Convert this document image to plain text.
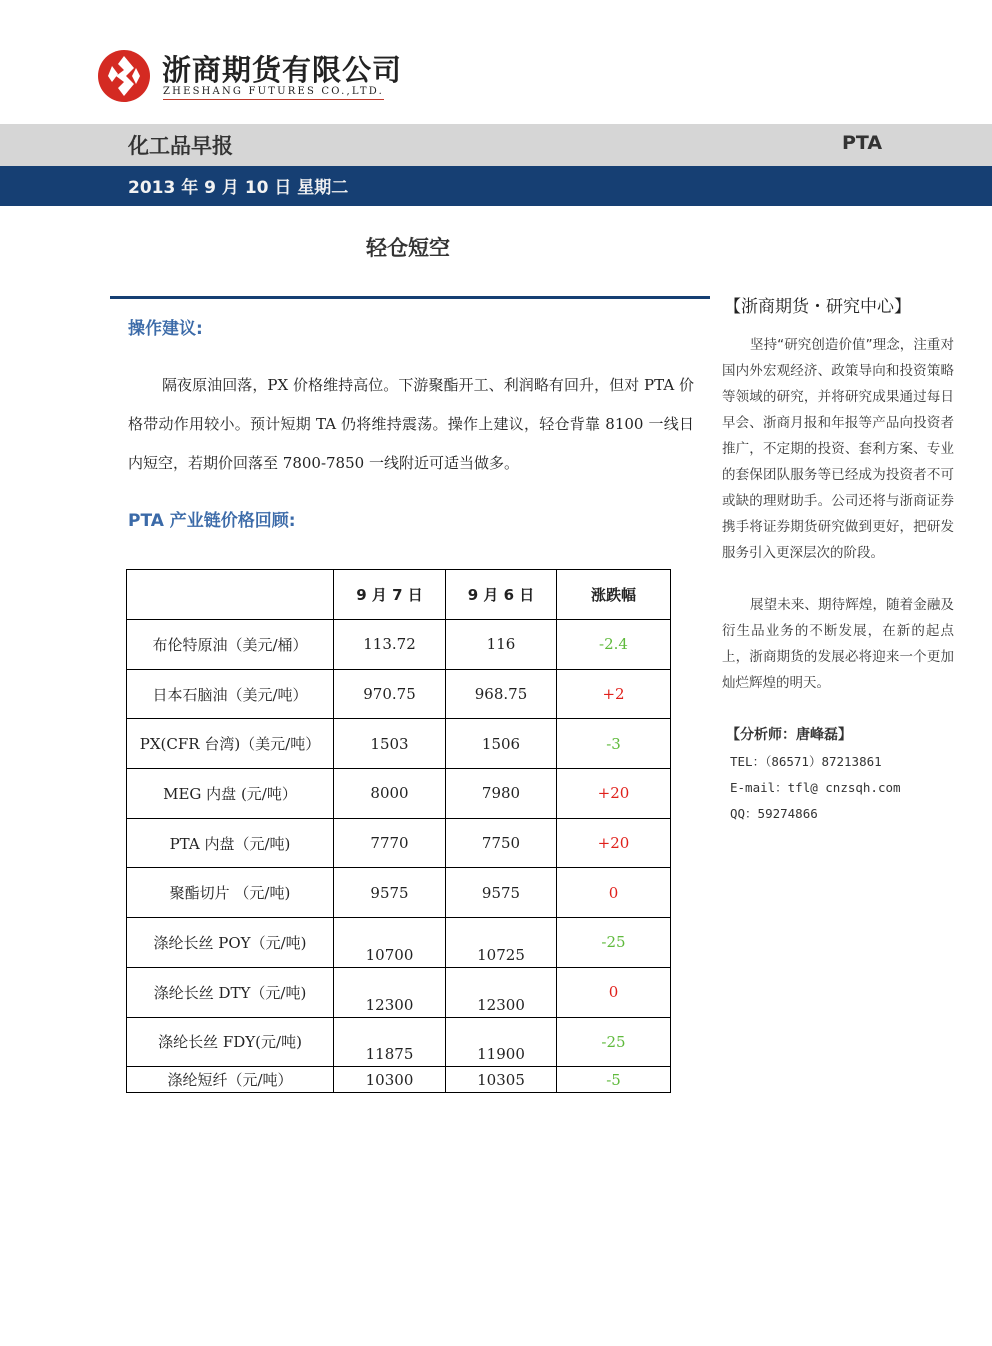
浙商期货有限公司
ZHESHANG FUTURES CO.,LTD.
化工品早报	PTA
2013 年 9 月 10 日 星期二
轻仓短空
操作建议:

隔夜原油回落，PX 价格维持高位。下游聚酯开工、利润略有回升，但对 PTA 价格带动作用较小。预计短期 TA 仍将维持震荡。操作上建议，轻仓背靠 8100 一线日内短空，若期价回落至 7800-7850 一线附近可适当做多。

PTA 产业链价格回顾:
	9 月 7 日	9 月 6 日	涨跌幅
布伦特原油（美元/桶）	113.72	116	-2.4
日本石脑油（美元/吨）	970.75	968.75	+2
PX(CFR 台湾)（美元/吨）	1503	1506	-3
MEG 内盘 (元/吨）	8000	7980	+20
PTA 内盘（元/吨)	7770	7750	+20
聚酯切片 （元/吨)	9575	9575	0
涤纶长丝 POY（元/吨)	10700	10725	-25
涤纶长丝 DTY（元/吨)	12300	12300	0
涤纶长丝 FDY(元/吨)	11875	11900	-25
涤纶短纤（元/吨）	10300	10305	-5
【浙商期货・研究中心】

坚持“研究创造价值”理念，注重对国内外宏观经济、政策导向和投资策略等领域的研究，并将研究成果通过每日早会、浙商月报和年报等产品向投资者推广，不定期的投资、套利方案、专业的套保团队服务等已经成为投资者不可或缺的理财助手。公司还将与浙商证券携手将证券期货研究做到更好，把研发服务引入更深层次的阶段。

展望未来、期待辉煌，随着金融及衍生品业务的不断发展，在新的起点上，浙商期货的发展必将迎来一个更加灿烂辉煌的明天。

【分析师：唐峰磊】
TEL：（86571）87213861
E-mail：tfl@ cnzsqh.com
QQ：59274866
